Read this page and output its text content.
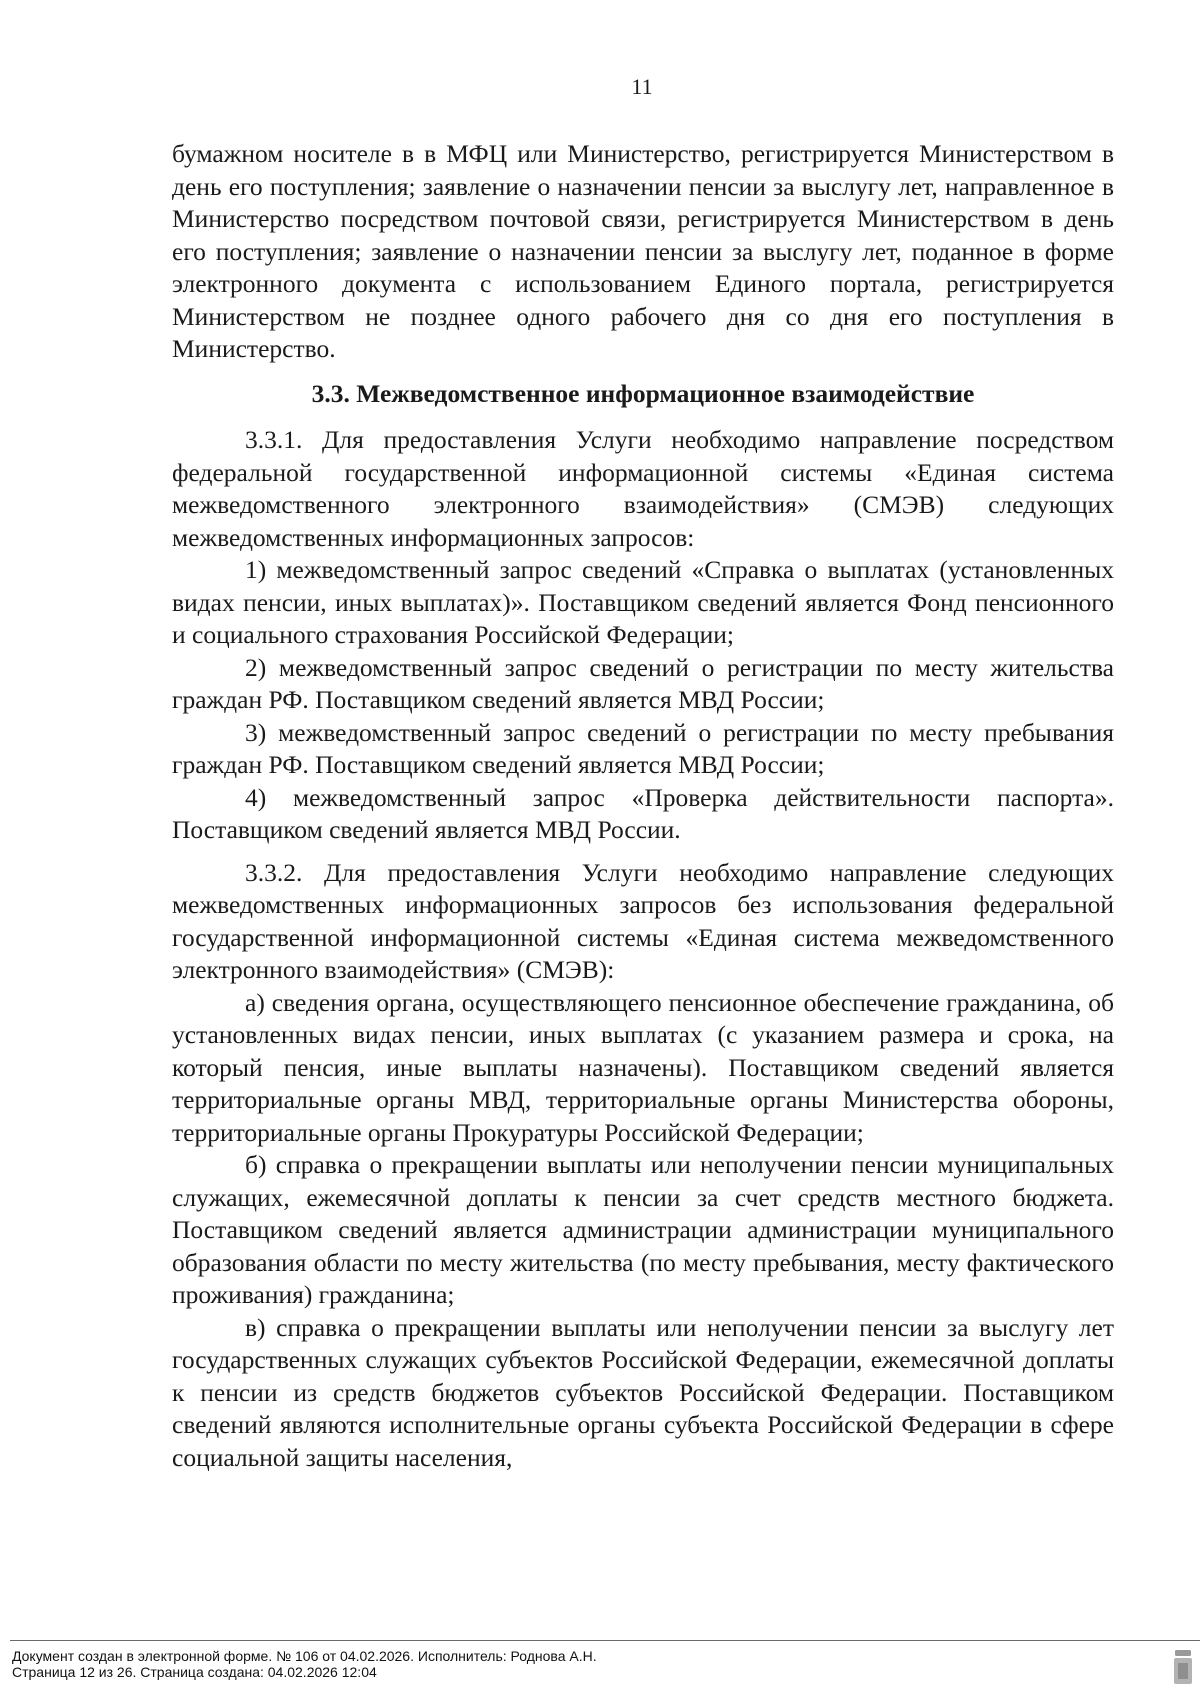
11

бумажном носителе в в МФЦ или Министерство, регистрируется Министерством в день его поступления; заявление о назначении пенсии за выслугу лет, направленное в Министерство посредством почтовой связи, регистрируется Министерством в день его поступления; заявление о назначении пенсии за выслугу лет, поданное в форме электронного документа с использованием Единого портала, регистрируется Министерством не позднее одного рабочего дня со дня его поступления в Министерство.

3.3. Межведомственное информационное взаимодействие

3.3.1. Для предоставления Услуги необходимо направление посредством федеральной государственной информационной системы «Единая система межведомственного электронного взаимодействия» (СМЭВ) следующих межведомственных информационных запросов:

1) межведомственный запрос сведений «Справка о выплатах (установленных видах пенсии, иных выплатах)». Поставщиком сведений является Фонд пенсионного и социального страхования Российской Федерации;

2) межведомственный запрос сведений о регистрации по месту жительства граждан РФ. Поставщиком сведений является МВД России;

3) межведомственный запрос сведений о регистрации по месту пребывания граждан РФ. Поставщиком сведений является МВД России;

4) межведомственный запрос «Проверка действительности паспорта». Поставщиком сведений является МВД России.

3.3.2. Для предоставления Услуги необходимо направление следующих межведомственных информационных запросов без использования федеральной государственной информационной системы «Единая система межведомственного электронного взаимодействия» (СМЭВ):

а) сведения органа, осуществляющего пенсионное обеспечение гражданина, об установленных видах пенсии, иных выплатах (с указанием размера и срока, на который пенсия, иные выплаты назначены). Поставщиком сведений является территориальные органы МВД, территориальные органы Министерства обороны, территориальные органы Прокуратуры Российской Федерации;

б) справка о прекращении выплаты или неполучении пенсии муниципальных служащих, ежемесячной доплаты к пенсии за счет средств местного бюджета. Поставщиком сведений является администрации администрации муниципального образования области по месту жительства (по месту пребывания, месту фактического проживания) гражданина;

в) справка о прекращении выплаты или неполучении пенсии за выслугу лет государственных служащих субъектов Российской Федерации, ежемесячной доплаты к пенсии из средств бюджетов субъектов Российской Федерации. Поставщиком сведений являются исполнительные органы субъекта Российской Федерации в сфере социальной защиты населения,

Документ создан в электронной форме. № 106 от 04.02.2026. Исполнитель: Роднова А.Н.
Страница 12 из 26. Страница создана: 04.02.2026 12:04
